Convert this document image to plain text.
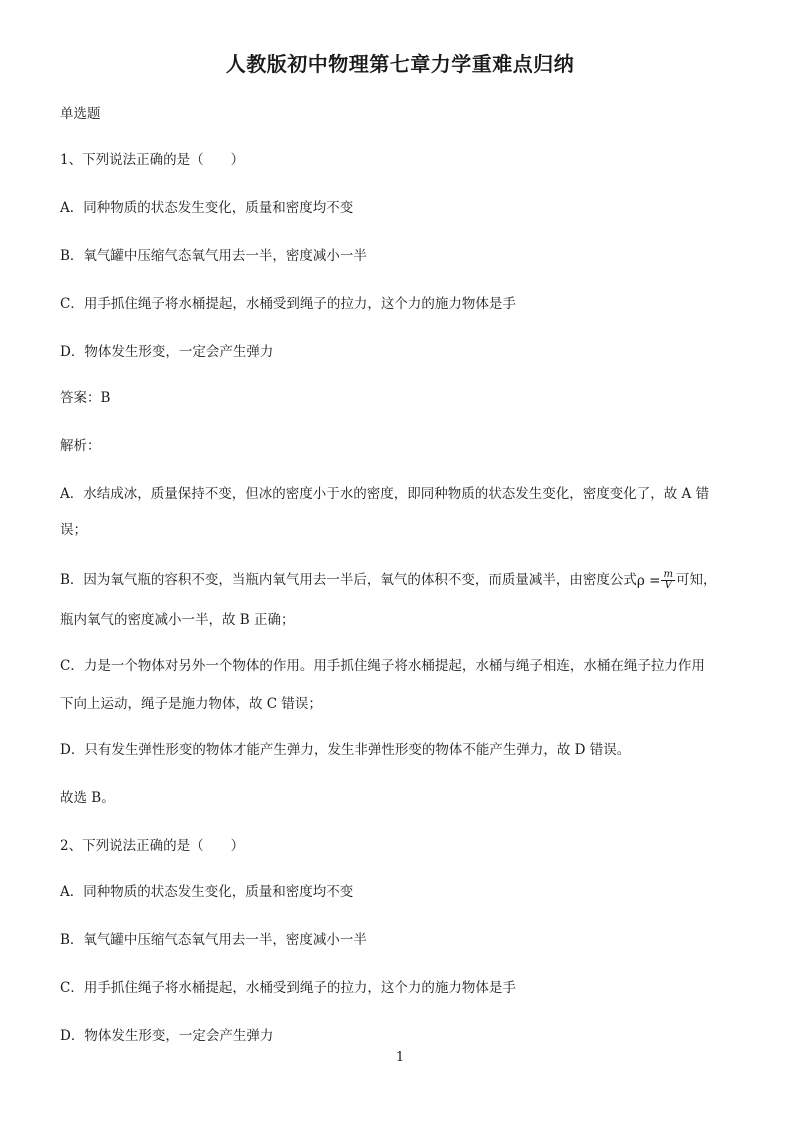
人教版初中物理第七章力学重难点归纳
单选题
1、下列说法正确的是（　　）
A．同种物质的状态发生变化，质量和密度均不变
B．氧气罐中压缩气态氧气用去一半，密度减小一半
C．用手抓住绳子将水桶提起，水桶受到绳子的拉力，这个力的施力物体是手
D．物体发生形变，一定会产生弹力
答案：B
解析：
A．水结成冰，质量保持不变，但冰的密度小于水的密度，即同种物质的状态发生变化，密度变化了，故 A 错
误；
B．因为氧气瓶的容积不变，当瓶内氧气用去一半后，氧气的体积不变，而质量减半，由密度公式 $\rho = \frac{m}{V}$ 可知，
瓶内氧气的密度减小一半，故 B 正确；
C．力是一个物体对另外一个物体的作用。用手抓住绳子将水桶提起，水桶与绳子相连，水桶在绳子拉力作用
下向上运动，绳子是施力物体，故 C 错误；
D．只有发生弹性形变的物体才能产生弹力，发生非弹性形变的物体不能产生弹力，故 D 错误。
故选 B。
2、下列说法正确的是（　　）
A．同种物质的状态发生变化，质量和密度均不变
B．氧气罐中压缩气态氧气用去一半，密度减小一半
C．用手抓住绳子将水桶提起，水桶受到绳子的拉力，这个力的施力物体是手
D．物体发生形变，一定会产生弹力
1
